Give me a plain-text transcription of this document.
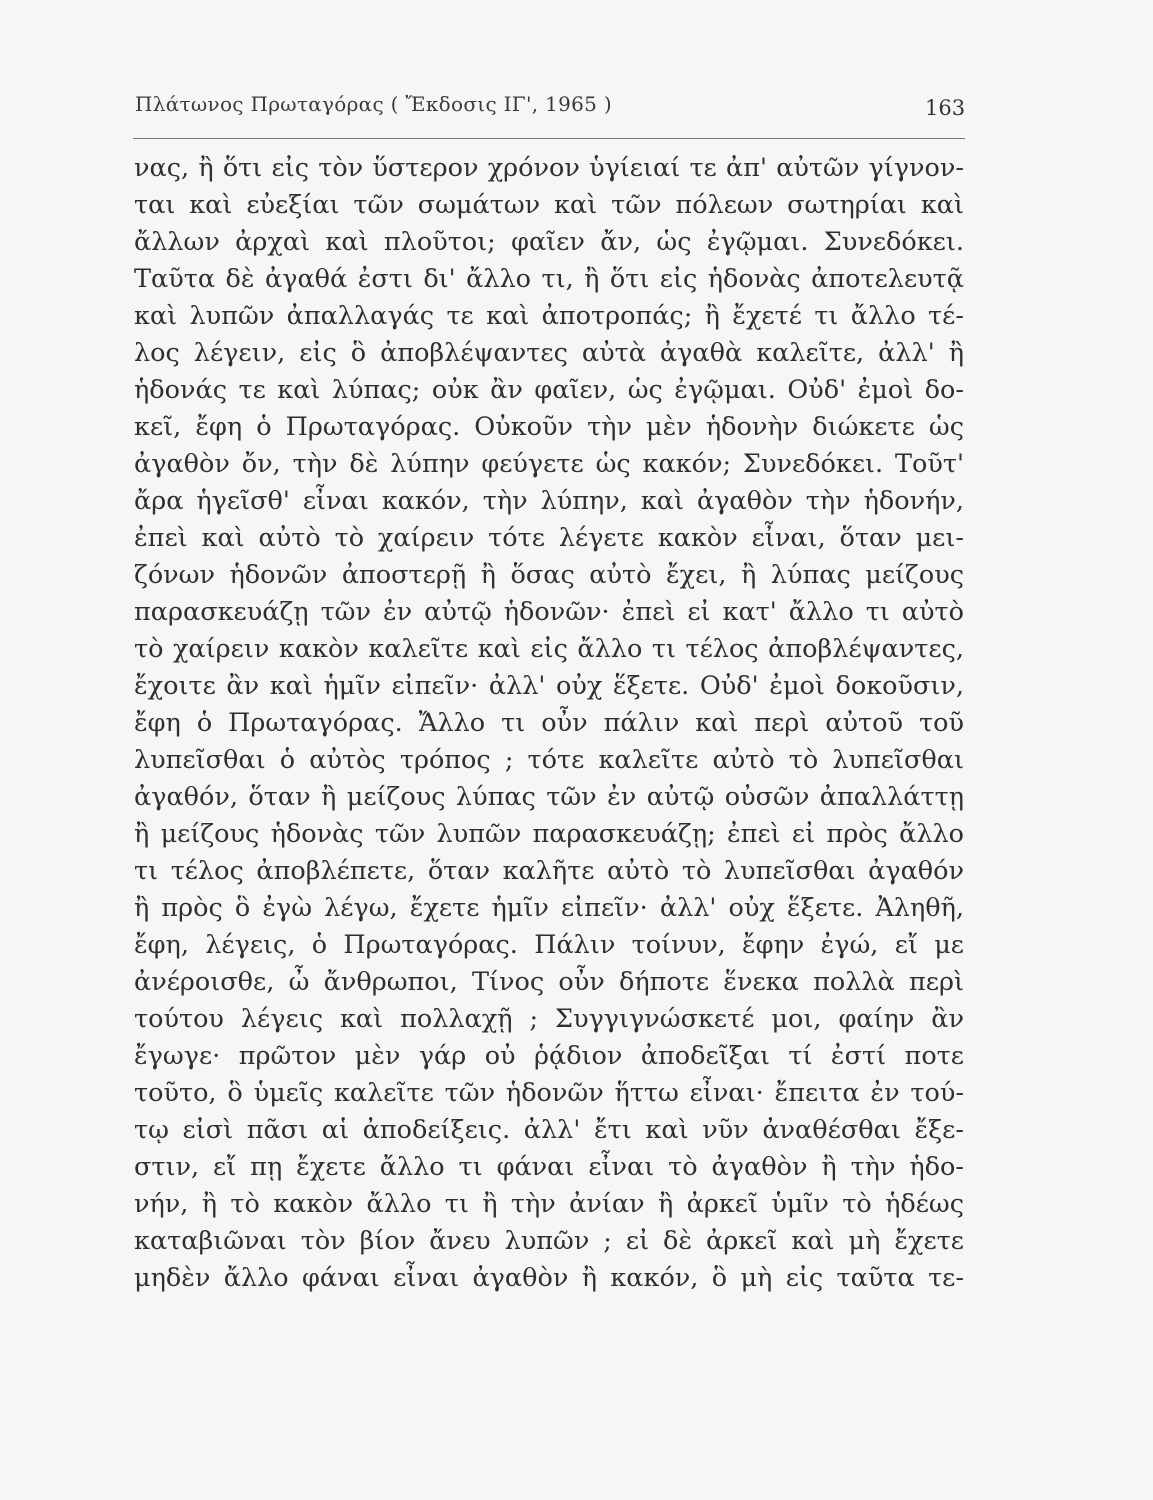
Πλάτωνος Πρωταγόρας ( Ἔκδοσις ΙΓ', 1965 )	163
νας, ἢ ὅτι εἰς τὸν ὕστερον χρόνον ὑγίειαί τε ἀπ' αὐτῶν γίγνον-
ται καὶ εὐεξίαι τῶν σωμάτων καὶ τῶν πόλεων σωτηρίαι καὶ
ἄλλων ἀρχαὶ καὶ πλοῦτοι; φαῖεν ἄν, ὡς ἐγῷμαι. Συνεδόκει.
Ταῦτα δὲ ἀγαθά ἐστι δι' ἄλλο τι, ἢ ὅτι εἰς ἡδονὰς ἀποτελευτᾷ
καὶ λυπῶν ἀπαλλαγάς τε καὶ ἀποτροπάς; ἢ ἔχετέ τι ἄλλο τέ-
λος λέγειν, εἰς ὃ ἀποβλέψαντες αὐτὰ ἀγαθὰ καλεῖτε, ἀλλ' ἢ
ἡδονάς τε καὶ λύπας; οὐκ ἂν φαῖεν, ὡς ἐγῷμαι. Οὐδ' ἐμοὶ δο-
κεῖ, ἔφη ὁ Πρωταγόρας. Οὐκοῦν τὴν μὲν ἡδονὴν διώκετε ὡς
ἀγαθὸν ὄν, τὴν δὲ λύπην φεύγετε ὡς κακόν; Συνεδόκει. Τοῦτ'
ἄρα ἡγεῖσθ' εἶναι κακόν, τὴν λύπην, καὶ ἀγαθὸν τὴν ἡδονήν,
ἐπεὶ καὶ αὐτὸ τὸ χαίρειν τότε λέγετε κακὸν εἶναι, ὅταν μει-
ζόνων ἡδονῶν ἀποστερῇ ἢ ὅσας αὐτὸ ἔχει, ἢ λύπας μείζους
παρασκευάζῃ τῶν ἐν αὐτῷ ἡδονῶν· ἐπεὶ εἰ κατ' ἄλλο τι αὐτὸ
τὸ χαίρειν κακὸν καλεῖτε καὶ εἰς ἄλλο τι τέλος ἀποβλέψαντες,
ἔχοιτε ἂν καὶ ἡμῖν εἰπεῖν· ἀλλ' οὐχ ἕξετε. Οὐδ' ἐμοὶ δοκοῦσιν,
ἔφη ὁ Πρωταγόρας. Ἄλλο τι οὖν πάλιν καὶ περὶ αὐτοῦ τοῦ
λυπεῖσθαι ὁ αὐτὸς τρόπος ; τότε καλεῖτε αὐτὸ τὸ λυπεῖσθαι
ἀγαθόν, ὅταν ἢ μείζους λύπας τῶν ἐν αὐτῷ οὐσῶν ἀπαλλάττῃ
ἢ μείζους ἡδονὰς τῶν λυπῶν παρασκευάζῃ; ἐπεὶ εἰ πρὸς ἄλλο
τι τέλος ἀποβλέπετε, ὅταν καλῆτε αὐτὸ τὸ λυπεῖσθαι ἀγαθόν
ἢ πρὸς ὃ ἐγὼ λέγω, ἔχετε ἡμῖν εἰπεῖν· ἀλλ' οὐχ ἕξετε. Ἀληθῆ,
ἔφη, λέγεις, ὁ Πρωταγόρας. Πάλιν τοίνυν, ἔφην ἐγώ, εἴ με
ἀνέροισθε, ὦ ἄνθρωποι, Τίνος οὖν δήποτε ἕνεκα πολλὰ περὶ
τούτου λέγεις καὶ πολλαχῇ ; Συγγιγνώσκετέ μοι, φαίην ἂν
ἔγωγε· πρῶτον μὲν γάρ οὐ ῥᾴδιον ἀποδεῖξαι τί ἐστί ποτε
τοῦτο, ὃ ὑμεῖς καλεῖτε τῶν ἡδονῶν ἥττω εἶναι· ἔπειτα ἐν τού-
τῳ εἰσὶ πᾶσι αἱ ἀποδείξεις. ἀλλ' ἔτι καὶ νῦν ἀναθέσθαι ἔξε-
στιν, εἴ πῃ ἔχετε ἄλλο τι φάναι εἶναι τὸ ἀγαθὸν ἢ τὴν ἡδο-
νήν, ἢ τὸ κακὸν ἄλλο τι ἢ τὴν ἀνίαν ἢ ἀρκεῖ ὑμῖν τὸ ἡδέως
καταβιῶναι τὸν βίον ἄνευ λυπῶν ; εἰ δὲ ἀρκεῖ καὶ μὴ ἔχετε
μηδὲν ἄλλο φάναι εἶναι ἀγαθὸν ἢ κακόν, ὃ μὴ εἰς ταῦτα τε-
